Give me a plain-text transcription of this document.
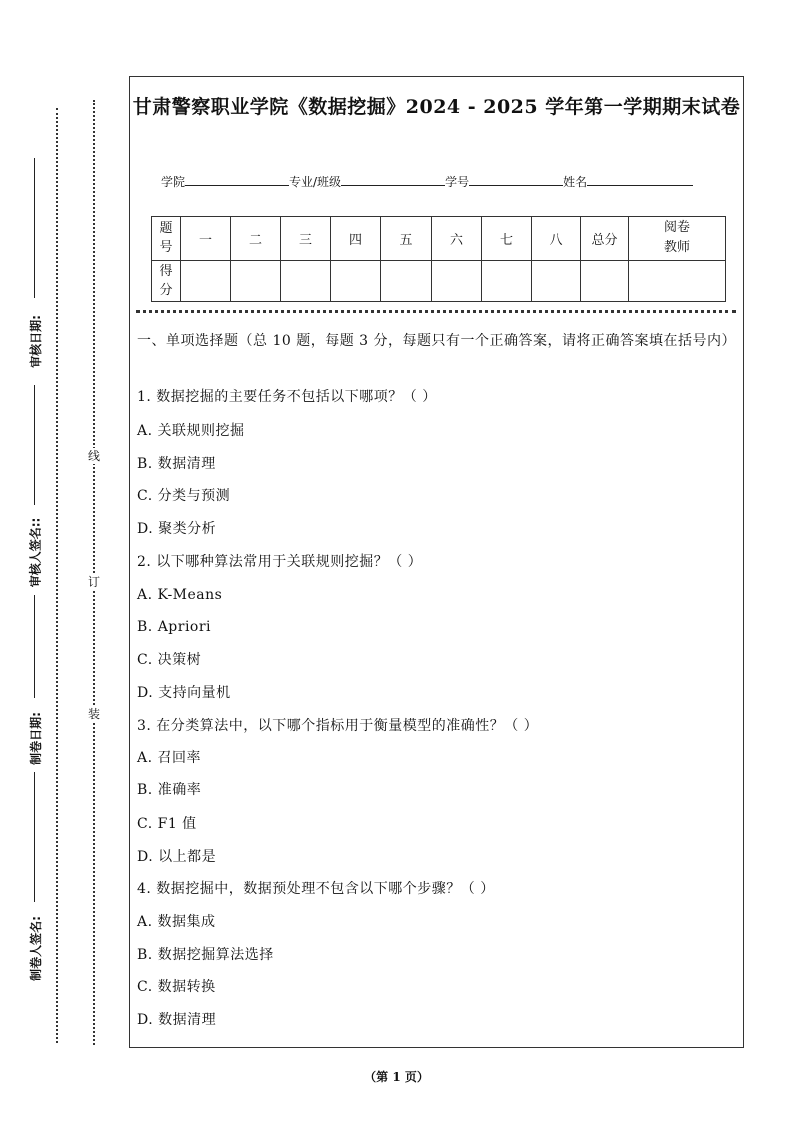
审核日期:
审核人签名::
制卷日期:
制卷人签名:
线
订
装
甘肃警察职业学院《数据挖掘》2024 - 2025 学年第一学期期末试卷
学院	专业/班级	学号	姓名
题号	一	二	三	四	五	六	七	八	总分	阅卷教师
得分										
一、单项选择题（总 10 题，每题 3 分，每题只有一个正确答案，请将正确答案填在括号内）
1. 数据挖掘的主要任务不包括以下哪项？（ ）
A. 关联规则挖掘
B. 数据清理
C. 分类与预测
D. 聚类分析
2. 以下哪种算法常用于关联规则挖掘？（ ）
A. K-Means
B. Apriori
C. 决策树
D. 支持向量机
3. 在分类算法中，以下哪个指标用于衡量模型的准确性？（ ）
A. 召回率
B. 准确率
C. F1 值
D. 以上都是
4. 数据挖掘中，数据预处理不包含以下哪个步骤？（ ）
A. 数据集成
B. 数据挖掘算法选择
C. 数据转换
D. 数据清理
（第 1 页）
